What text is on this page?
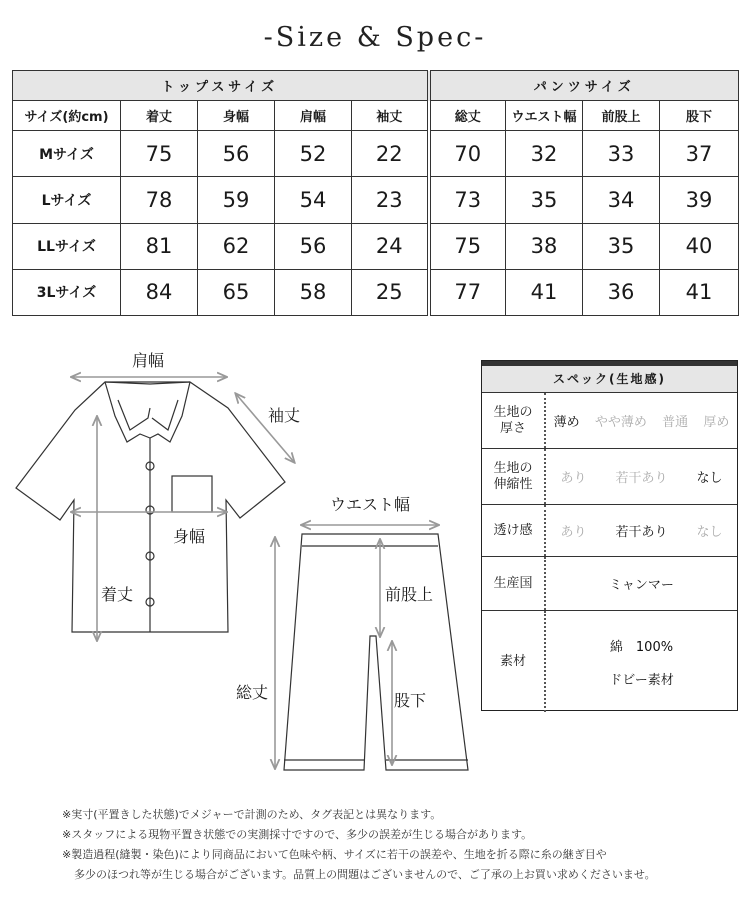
-Size & Spec-
トップスサイズ					パンツサイズ			
サイズ(約cm)	着丈	身幅	肩幅	袖丈	総丈	ウエスト幅	前股上	股下
Mサイズ	75	56	52	22	70	32	33	37
Lサイズ	78	59	54	23	73	35	34	39
LLサイズ	81	62	56	24	75	38	35	40
3Lサイズ	84	65	58	25	77	41	36	41
肩幅
袖丈
身幅
着丈
ウエスト幅
前股上
総丈	股下
スペック(生地感)
生地の
厚さ	薄め やや薄め 普通 厚め
生地の
伸縮性	あり 若干あり なし
透け感	あり 若干あり なし
生産国	ミャンマー
素材
綿　100%
ドビー素材
※実寸(平置きした状態)でメジャーで計測のため、タグ表記とは異なります。
※スタッフによる現物平置き状態での実測採寸ですので、多少の誤差が生じる場合があります。
※製造過程(縫製・染色)により同商品において色味や柄、サイズに若干の誤差や、生地を折る際に糸の継ぎ目や
多少のほつれ等が生じる場合がございます。品質上の問題はございませんので、ご了承の上お買い求めくださいませ。
